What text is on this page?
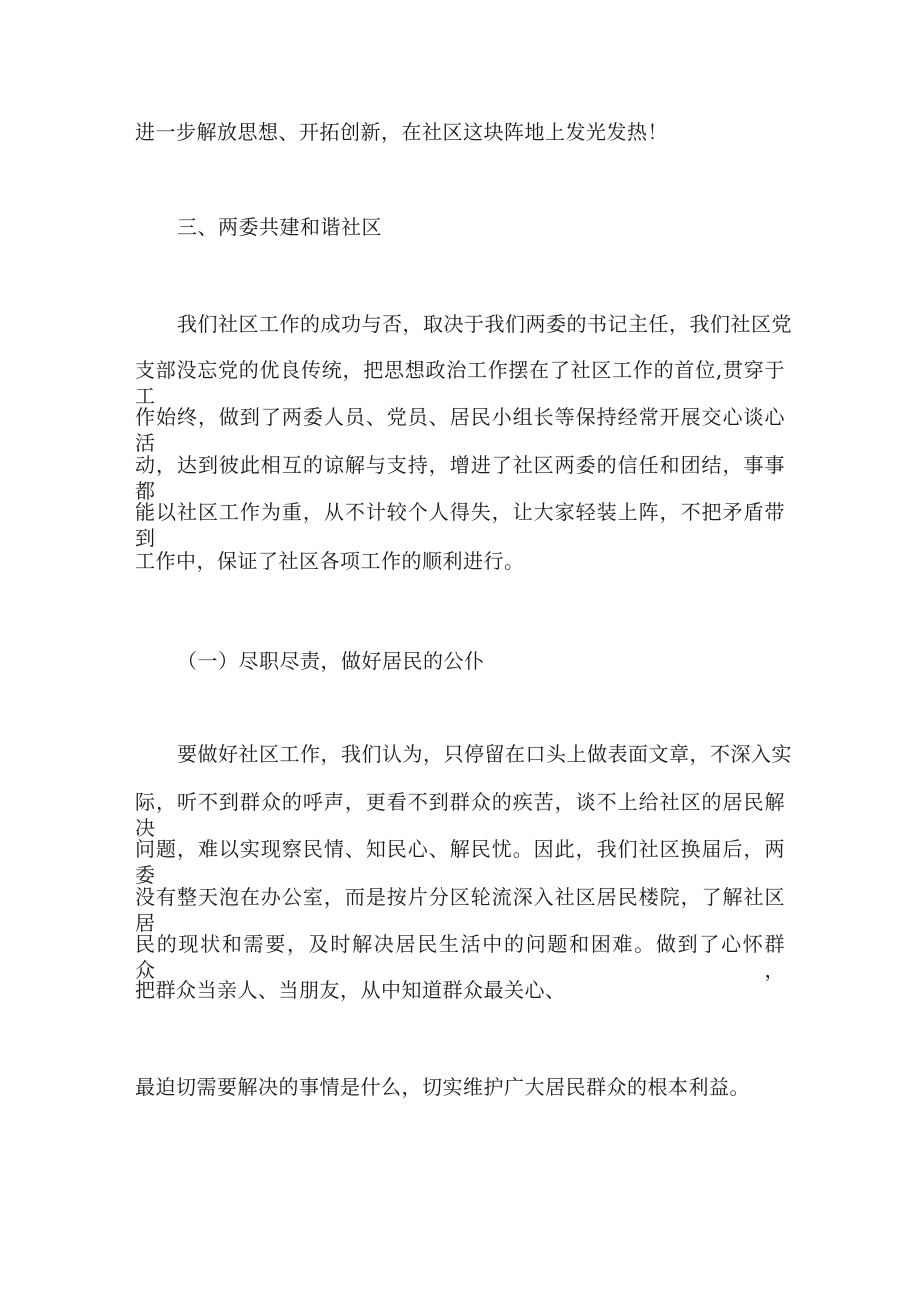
进一步解放思想、开拓创新，在社区这块阵地上发光发热！

三、两委共建和谐社区

我们社区工作的成功与否，取决于我们两委的书记主任，我们社区党

支部没忘党的优良传统，把思想政治工作摆在了社区工作的首位,贯穿于工

作始终，做到了两委人员、党员、居民小组长等保持经常开展交心谈心活

动，达到彼此相互的谅解与支持，增进了社区两委的信任和团结，事事都

能以社区工作为重，从不计较个人得失，让大家轻装上阵，不把矛盾带到

工作中，保证了社区各项工作的顺利进行。

（一）尽职尽责，做好居民的公仆

要做好社区工作，我们认为，只停留在口头上做表面文章，不深入实

际，听不到群众的呼声，更看不到群众的疾苦，谈不上给社区的居民解决

问题，难以实现察民情、知民心、解民忧。因此，我们社区换届后，两委

没有整天泡在办公室，而是按片分区轮流深入社区居民楼院，了解社区居

民的现状和需要，及时解决居民生活中的问题和困难。做到了心怀群众，

把群众当亲人、当朋友，从中知道群众最关心、

最迫切需要解决的事情是什么，切实维护广大居民群众的根本利益。
